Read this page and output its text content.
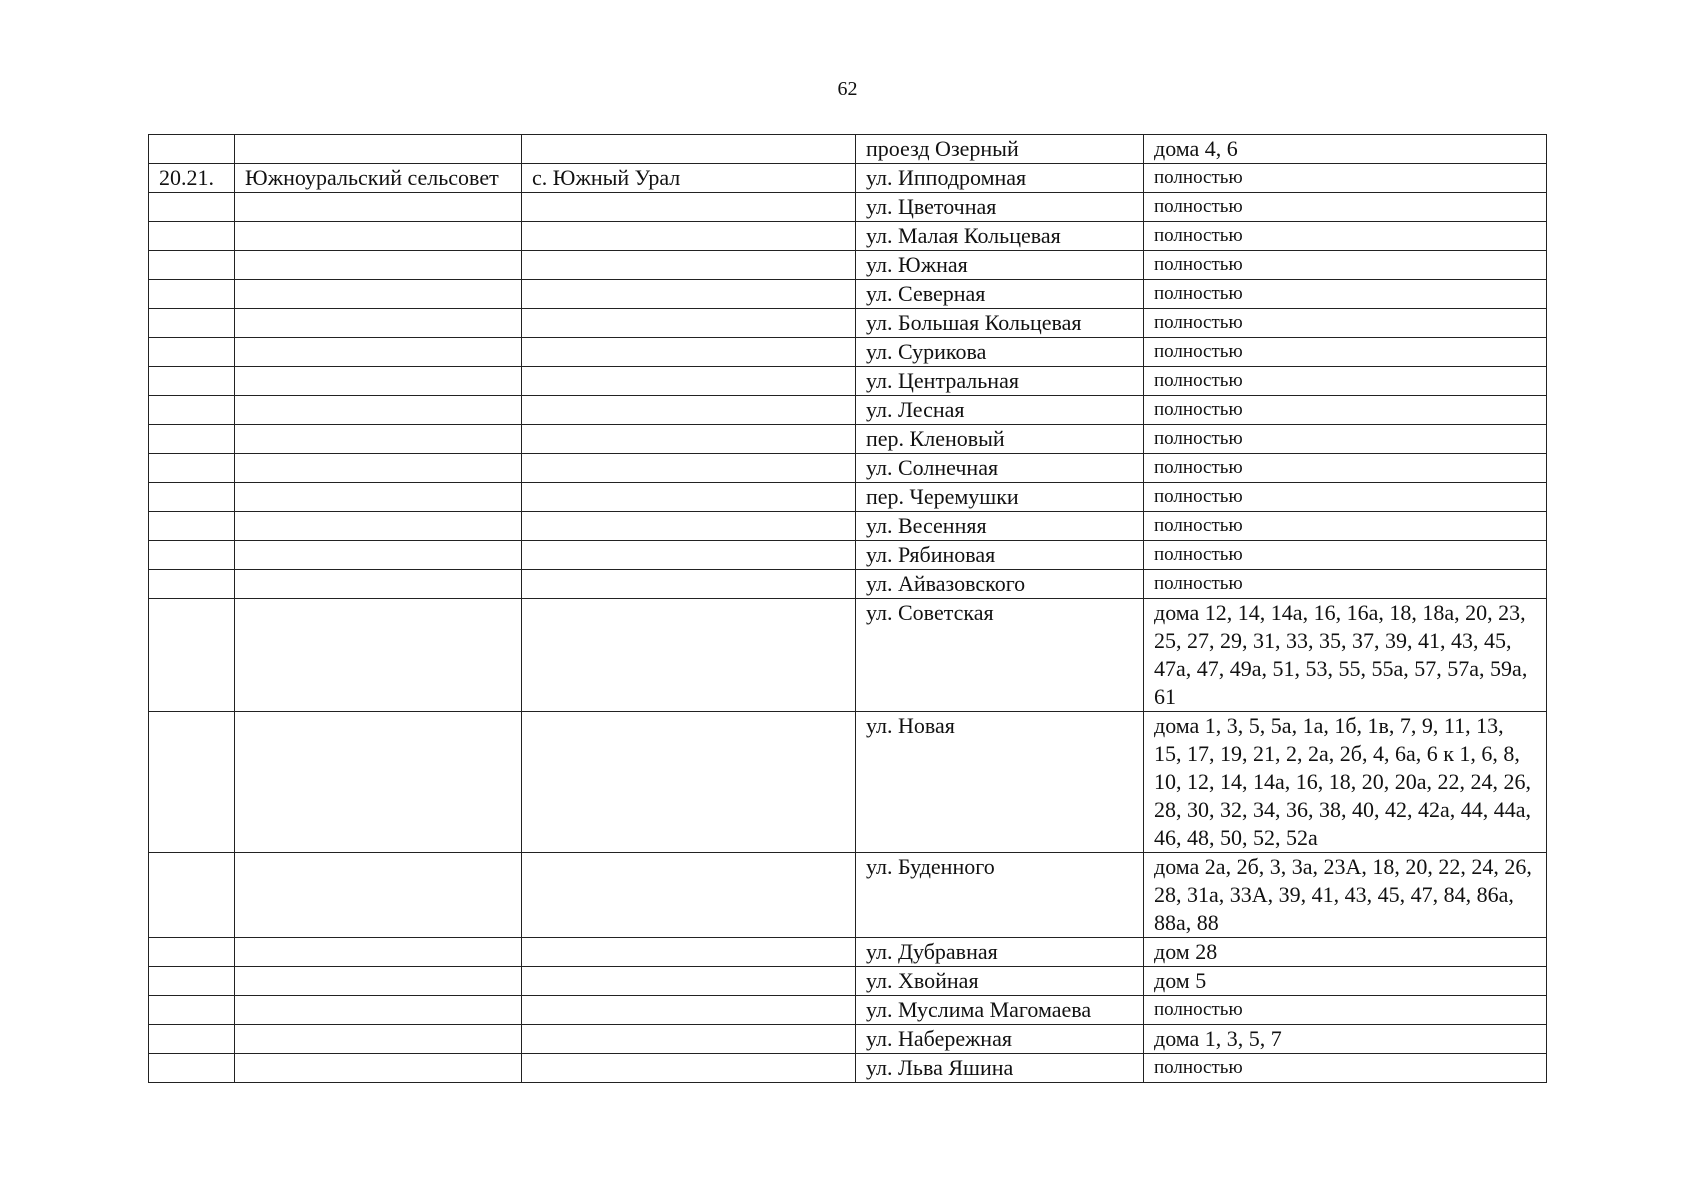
62
			проезд Озерный	дома 4, 6
20.21.	Южноуральский сельсовет	с. Южный Урал	ул. Ипподромная	полностью
			ул. Цветочная	полностью
			ул. Малая Кольцевая	полностью
			ул. Южная	полностью
			ул. Северная	полностью
			ул. Большая Кольцевая	полностью
			ул. Сурикова	полностью
			ул. Центральная	полностью
			ул. Лесная	полностью
			пер. Кленовый	полностью
			ул. Солнечная	полностью
			пер. Черемушки	полностью
			ул. Весенняя	полностью
			ул. Рябиновая	полностью
			ул. Айвазовского	полностью
			ул. Советская	дома 12, 14, 14а, 16, 16а, 18, 18а, 20, 23, 25, 27, 29, 31, 33, 35, 37, 39, 41, 43, 45, 47а, 47, 49а, 51, 53, 55, 55а, 57, 57а, 59а, 61
			ул. Новая	дома 1, 3, 5, 5а, 1а, 1б, 1в, 7, 9, 11, 13, 15, 17, 19, 21, 2, 2а, 2б, 4, 6а, 6 к 1, 6, 8, 10, 12, 14, 14а, 16, 18, 20, 20а, 22, 24, 26, 28, 30, 32, 34, 36, 38, 40, 42, 42а, 44, 44а, 46, 48, 50, 52, 52а
			ул. Буденного	дома 2а, 2б, 3, 3а, 23А, 18, 20, 22, 24, 26, 28, 31а, 33А, 39, 41, 43, 45, 47, 84, 86а, 88а, 88
			ул. Дубравная	дом 28
			ул. Хвойная	дом 5
			ул. Муслима Магомаева	полностью
			ул. Набережная	дома 1, 3, 5, 7
			ул. Льва Яшина	полностью
